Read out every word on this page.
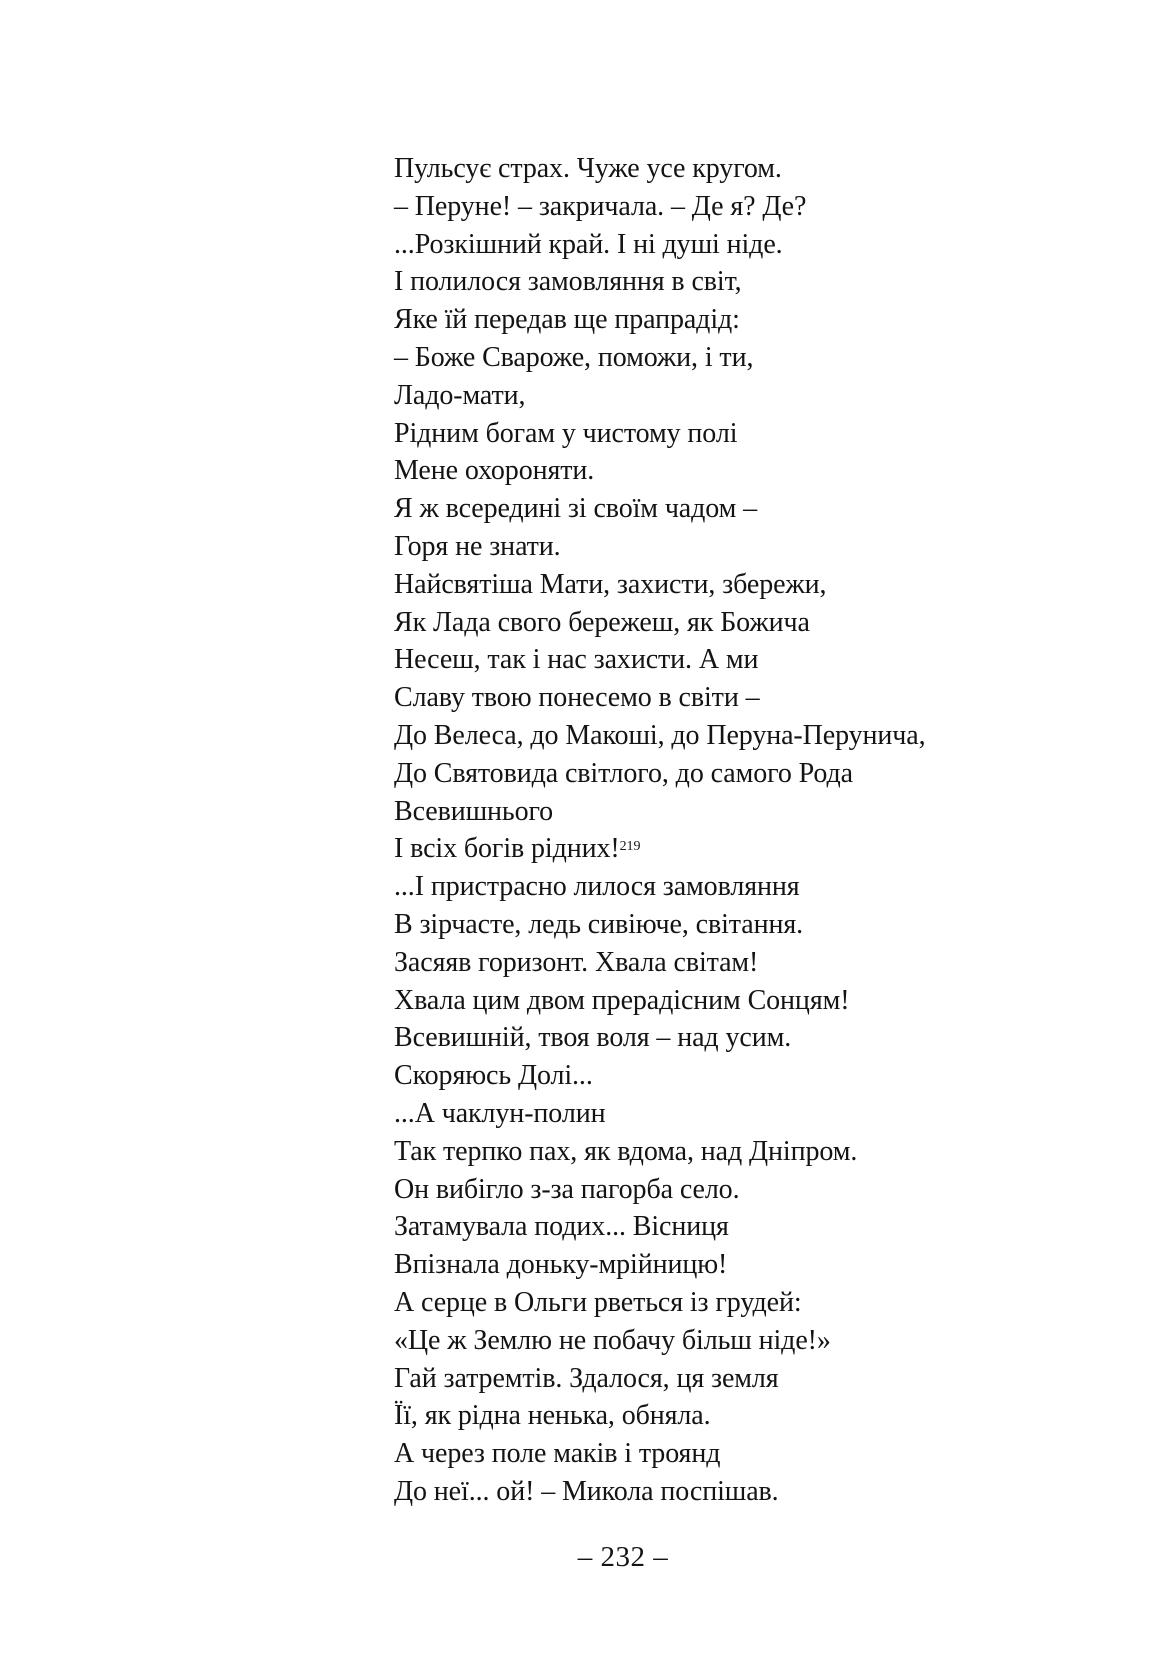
Пульсує страх. Чуже усе кругом.
– Перуне! – закричала. – Де я? Де?
...Розкішний край. І ні душі ніде.
І полилося замовляння в світ,
Яке їй передав ще прапрадід:
– Боже Свароже, поможи, і ти,
Ладо-мати,
Рідним богам у чистому полі
Мене охороняти.
Я ж всередині зі своїм чадом –
Горя не знати.
Найсвятіша Мати, захисти, збережи,
Як Лада свого бережеш, як Божича
Несеш, так і нас захисти. А ми
Славу твою понесемо в світи –
До Велеса, до Макоші, до Перуна-Перунича,
До Святовида світлого, до самого Рода
Всевишнього
І всіх богів рідних!$^{219}$
...І пристрасно лилося замовляння
В зірчасте, ледь сивіюче, світання.
Засяяв горизонт. Хвала світам!
Хвала цим двом прерадісним Сонцям!
Всевишній, твоя воля – над усим.
Скоряюсь Долі...
...А чаклун-полин
Так терпко пах, як вдома, над Дніпром.
Он вибігло з-за пагорба село.
Затамувала подих... Вісниця
Впізнала доньку-мрійницю!
А серце в Ольги рветься із грудей:
«Це ж Землю не побачу більш ніде!»
Гай затремтів. Здалося, ця земля
Її, як рідна ненька, обняла.
А через поле маків і троянд
До неї... ой! – Микола поспішав.
– 232 –
